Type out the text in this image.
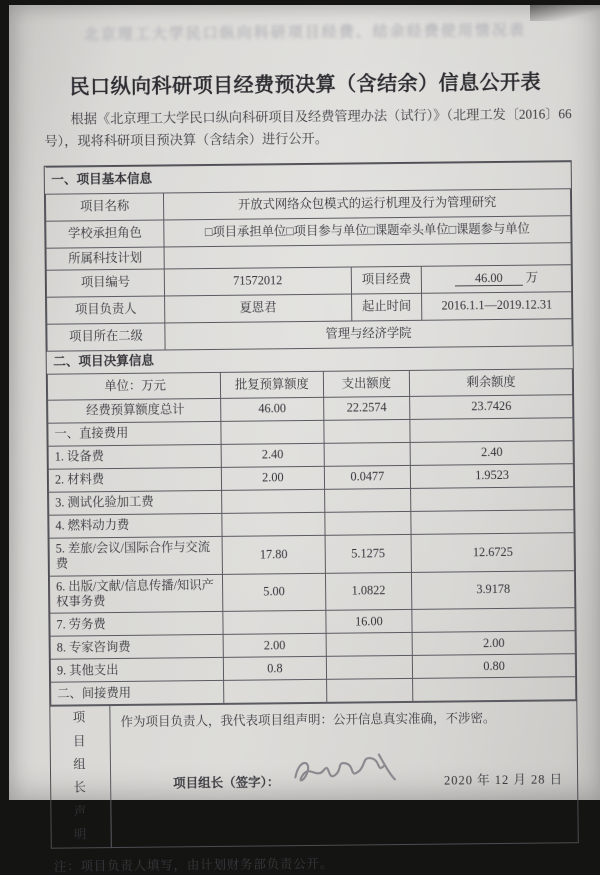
北京理工大学民口纵向科研项目经费、结余经费使用情况表
民口纵向科研项目经费预决算（含结余）信息公开表

根据《北京理工大学民口纵向科研项目及经费管理办法（试行）》（北理工发〔2016〕66 号），现将科研项目预决算（含结余）进行公开。

一、项目基本信息			
项目名称	开放式网络众包模式的运行机理及行为管理研究		
学校承担角色	□项目承担单位□项目参与单位□课题牵头单位□课题参与单位		
所属科技计划			
项目编号	71572012	项目经费	46.00 万
项目负责人	夏恩君	起止时间	2016.1.1—2019.12.31
项目所在二级	管理与经济学院		
二、项目决算信息			
单位：万元	批复预算额度	支出额度	剩余额度
经费预算额度总计	46.00	22.2574	23.7426
一、直接费用			
1. 设备费	2.40		2.40
2. 材料费	2.00	0.0477	1.9523
3. 测试化验加工费			
4. 燃料动力费			
5. 差旅/会议/国际合作与交流费	17.80	5.1275	12.6725
6. 出版/文献/信息传播/知识产权事务费	5.00	1.0822	3.9178
7. 劳务费		16.00	
8. 专家咨询费	2.00		2.00
9. 其他支出	0.8		0.80
二、间接费用			
项目组长声明
作为项目负责人，我代表项目组声明：公开信息真实准确，不涉密。
项目组长（签字）：	2020 年 12 月 28 日
注：项目负责人填写，由计划财务部负责公开。
